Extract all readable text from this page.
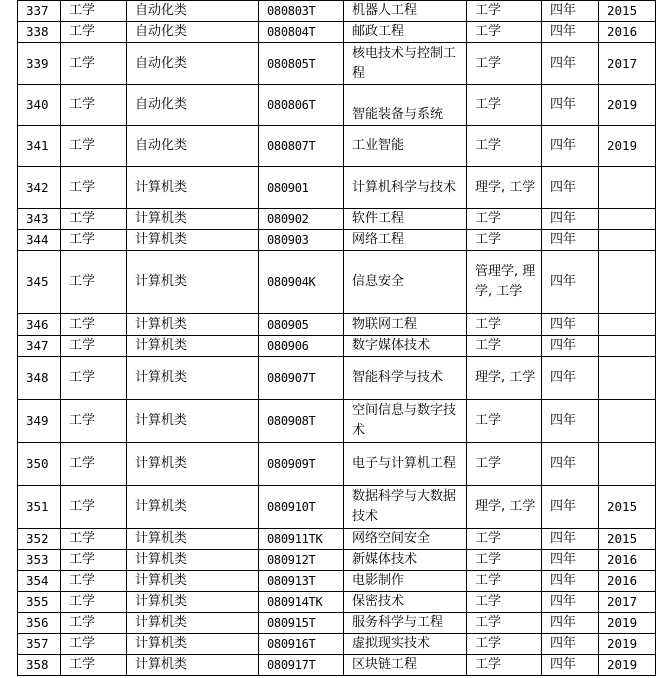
337	工学	自动化类	080803T	机器人工程	工学	四年	2015
338	工学	自动化类	080804T	邮政工程	工学	四年	2016
339	工学	自动化类	080805T	核电技术与控制工程	工学	四年	2017
340	工学	自动化类	080806T	智能装备与系统	工学	四年	2019
341	工学	自动化类	080807T	工业智能	工学	四年	2019
342	工学	计算机类	080901	计算机科学与技术	理学, 工学	四年	
343	工学	计算机类	080902	软件工程	工学	四年	
344	工学	计算机类	080903	网络工程	工学	四年	
345	工学	计算机类	080904K	信息安全	管理学, 理学, 工学	四年	
346	工学	计算机类	080905	物联网工程	工学	四年	
347	工学	计算机类	080906	数字媒体技术	工学	四年	
348	工学	计算机类	080907T	智能科学与技术	理学, 工学	四年	
349	工学	计算机类	080908T	空间信息与数字技术	工学	四年	
350	工学	计算机类	080909T	电子与计算机工程	工学	四年	
351	工学	计算机类	080910T	数据科学与大数据技术	理学, 工学	四年	2015
352	工学	计算机类	080911TK	网络空间安全	工学	四年	2015
353	工学	计算机类	080912T	新媒体技术	工学	四年	2016
354	工学	计算机类	080913T	电影制作	工学	四年	2016
355	工学	计算机类	080914TK	保密技术	工学	四年	2017
356	工学	计算机类	080915T	服务科学与工程	工学	四年	2019
357	工学	计算机类	080916T	虚拟现实技术	工学	四年	2019
358	工学	计算机类	080917T	区块链工程	工学	四年	2019
